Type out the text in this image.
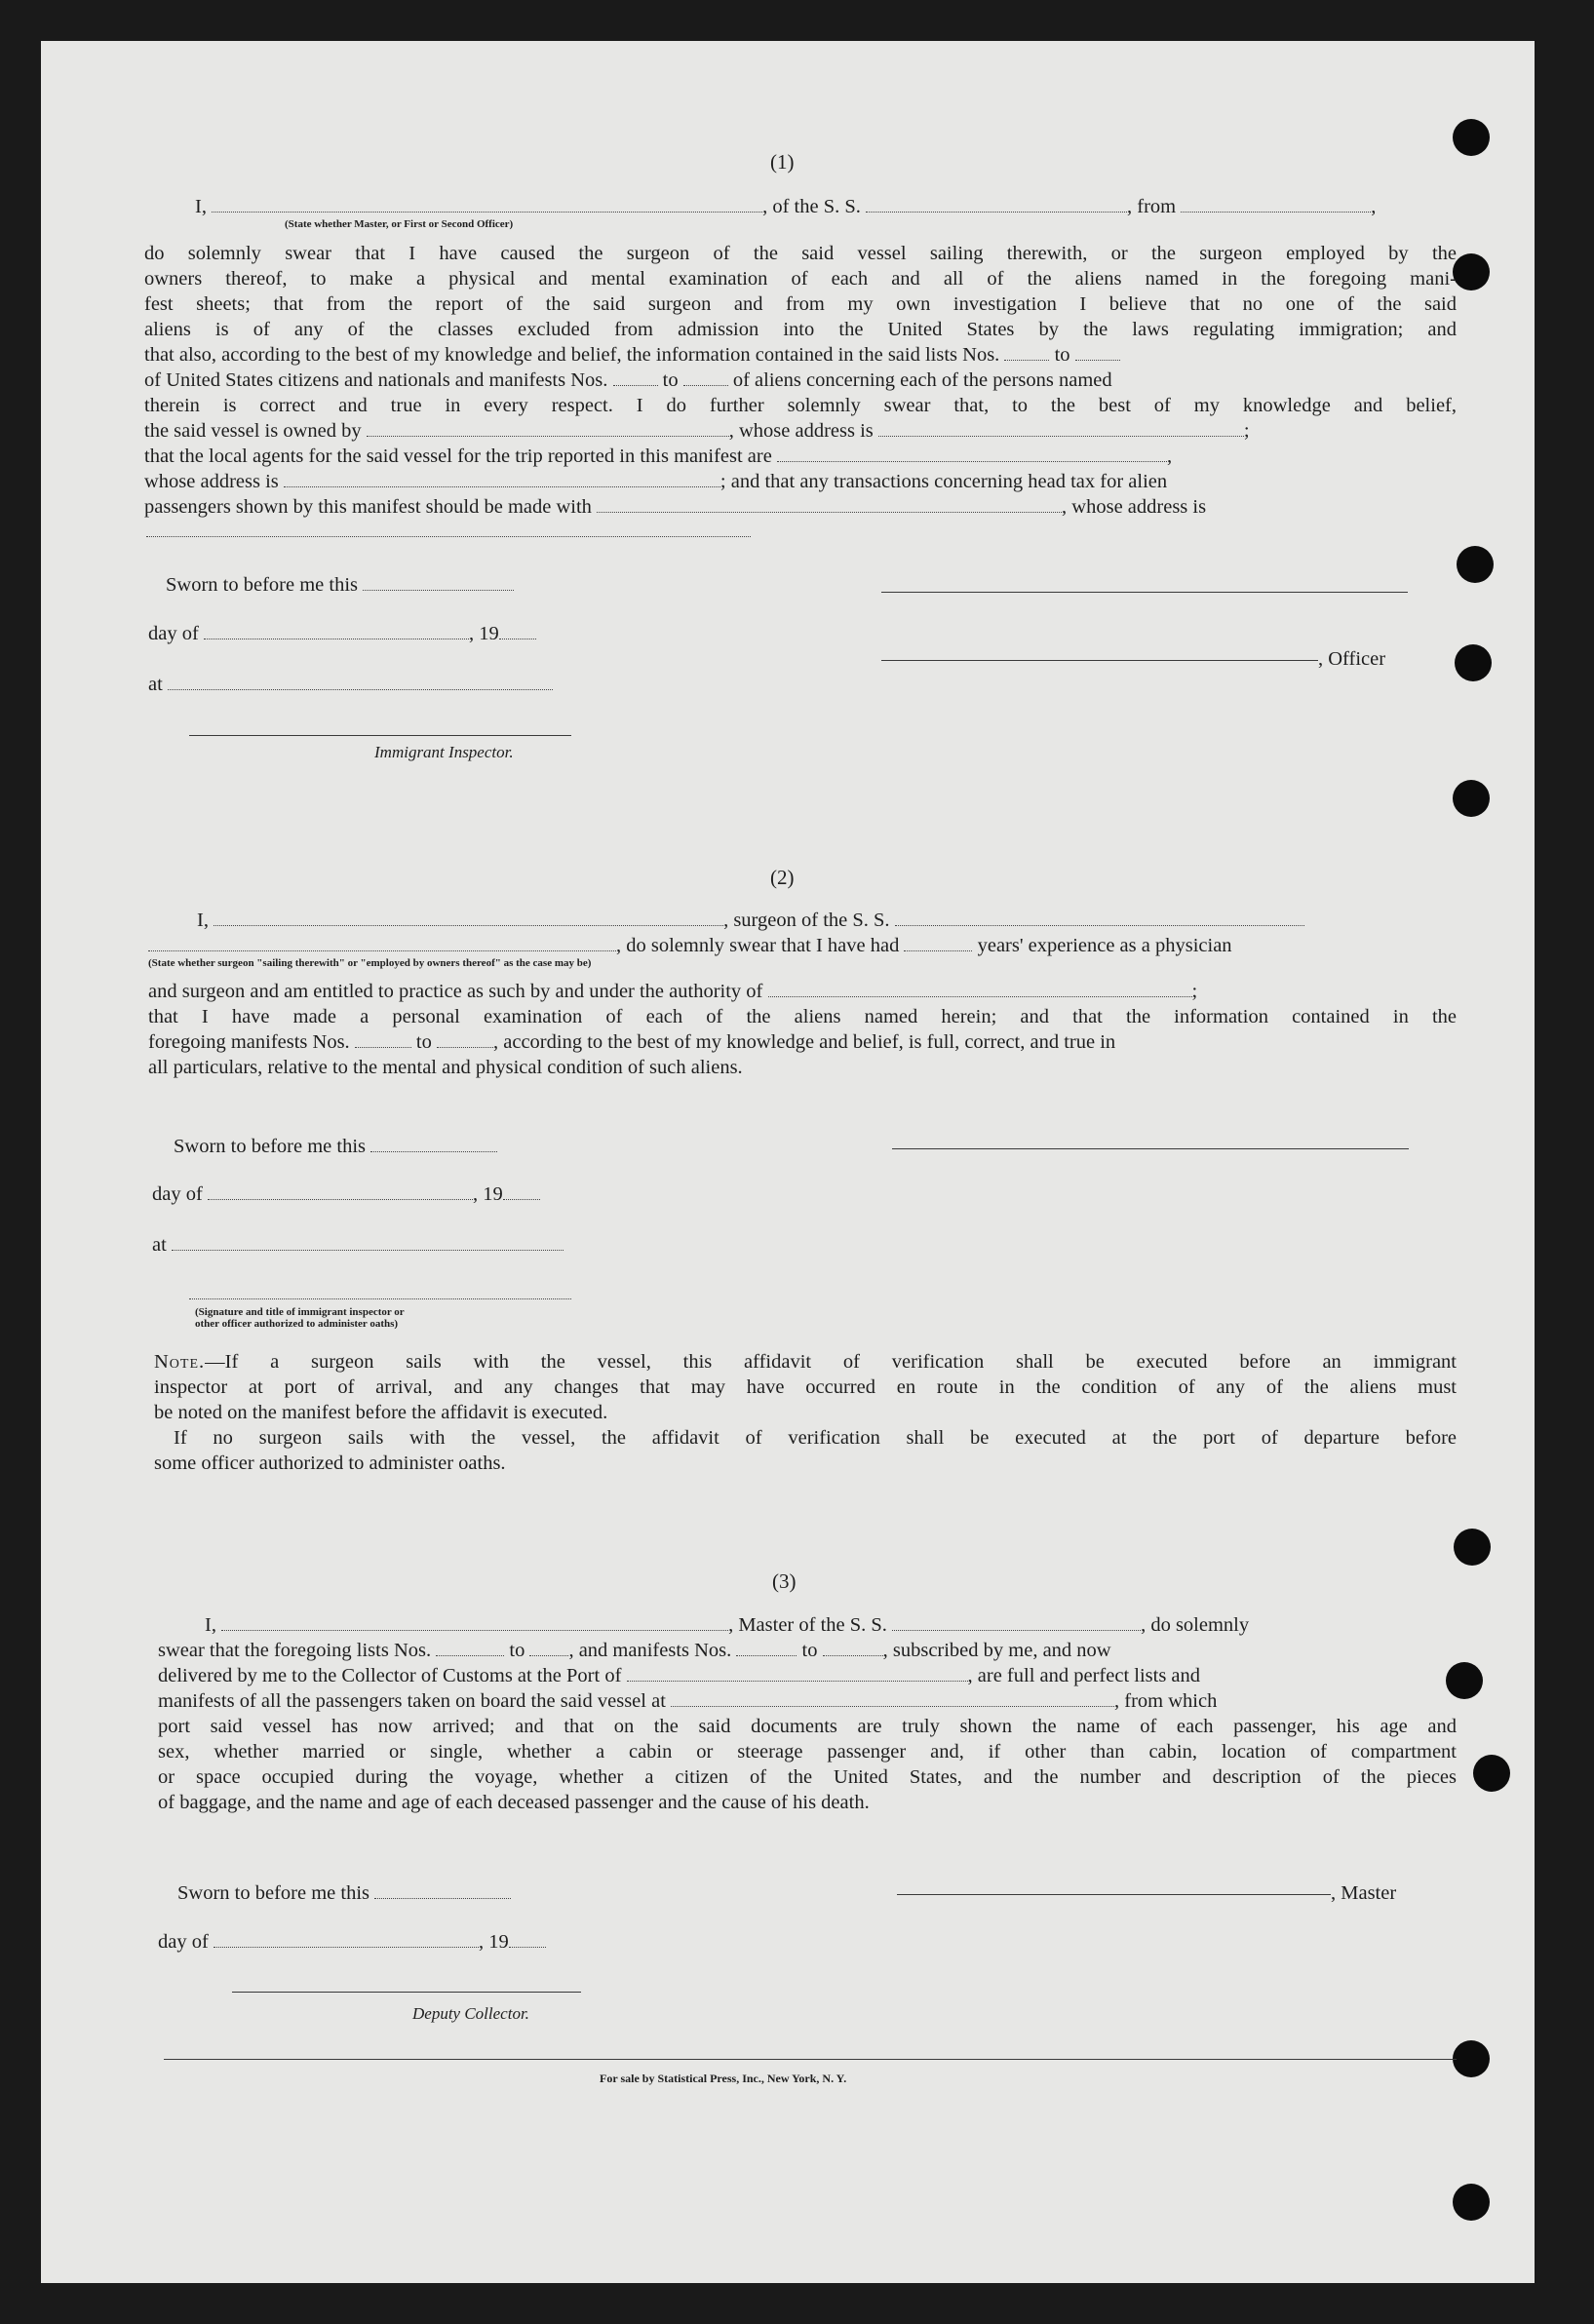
(1)
I,	, of the S. S.	, from	,
(State whether Master, or First or Second Officer)
do solemnly swear that I have caused the surgeon of the said vessel sailing therewith, or the surgeon employed by the
owners thereof, to make a physical and mental examination of each and all of the aliens named in the foregoing mani-
fest sheets; that from the report of the said surgeon and from my own investigation I believe that no one of the said
aliens is of any of the classes excluded from admission into the United States by the laws regulating immigration; and
that also, according to the best of my knowledge and belief, the information contained in the said lists Nos.	to
of United States citizens and nationals and manifests Nos.	to	of aliens concerning each of the persons named
therein is correct and true in every respect. I do further solemnly swear that, to the best of my knowledge and belief,
the said vessel is owned by	, whose address is	;
that the local agents for the said vessel for the trip reported in this manifest are	,
whose address is	; and that any transactions concerning head tax for alien
passengers shown by this manifest should be made with	, whose address is
Sworn to before me this
day of	, 19
at
Immigrant Inspector.
, Officer
(2)
I,	, surgeon of the S. S.
, do solemnly swear that I have had	years' experience as a physician
(State whether surgeon "sailing therewith" or "employed by owners thereof" as the case may be)
and surgeon and am entitled to practice as such by and under the authority of	;
that I have made a personal examination of each of the aliens named herein; and that the information contained in the
foregoing manifests Nos.	to	, according to the best of my knowledge and belief, is full, correct, and true in
all particulars, relative to the mental and physical condition of such aliens.
Sworn to before me this
day of	, 19
at
(Signature and title of immigrant inspector or
other officer authorized to administer oaths)
Note.—If a surgeon sails with the vessel, this affidavit of verification shall be executed before an immigrant
inspector at port of arrival, and any changes that may have occurred en route in the condition of any of the aliens must
be noted on the manifest before the affidavit is executed.
If no surgeon sails with the vessel, the affidavit of verification shall be executed at the port of departure before
some officer authorized to administer oaths.
(3)
I,	, Master of the S. S.	, do solemnly
swear that the foregoing lists Nos.	to , and manifests Nos.	to	, subscribed by me, and now
delivered by me to the Collector of Customs at the Port of	, are full and perfect lists and
manifests of all the passengers taken on board the said vessel at	, from which
port said vessel has now arrived; and that on the said documents are truly shown the name of each passenger, his age and
sex, whether married or single, whether a cabin or steerage passenger and, if other than cabin, location of compartment
or space occupied during the voyage, whether a citizen of the United States, and the number and description of the pieces
of baggage, and the name and age of each deceased passenger and the cause of his death.
Sworn to before me this	, Master
day of	, 19
Deputy Collector.
For sale by Statistical Press, Inc., New York, N. Y.
